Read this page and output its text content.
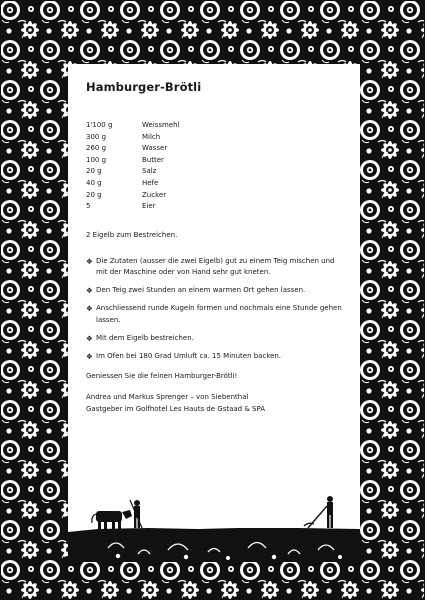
Hamburger-Brötli
1'100 g	Weissmehl
300 g	Milch
260 g	Wasser
100 g	Butter
20 g	Salz
40 g	Hefe
20 g	Zucker
5	Eier

2 Eigelb zum Bestreichen.

❖ Die Zutaten (ausser die zwei Eigelb) gut zu einem Teig mischen und mit der Maschine oder von Hand sehr gut kneten.
❖ Den Teig zwei Stunden an einem warmen Ort gehen lassen.
❖ Anschliessend runde Kugeln formen und nochmals eine Stunde gehen lassen.
❖ Mit dem Eigelb bestreichen.
❖ Im Ofen bei 180 Grad Umluft ca. 15 Minuten backen.

Geniessen Sie die feinen Hamburger-Brötli!

Andrea und Markus Sprenger – von Siebenthal
Gastgeber im Golfhotel Les Hauts de Gstaad & SPA
